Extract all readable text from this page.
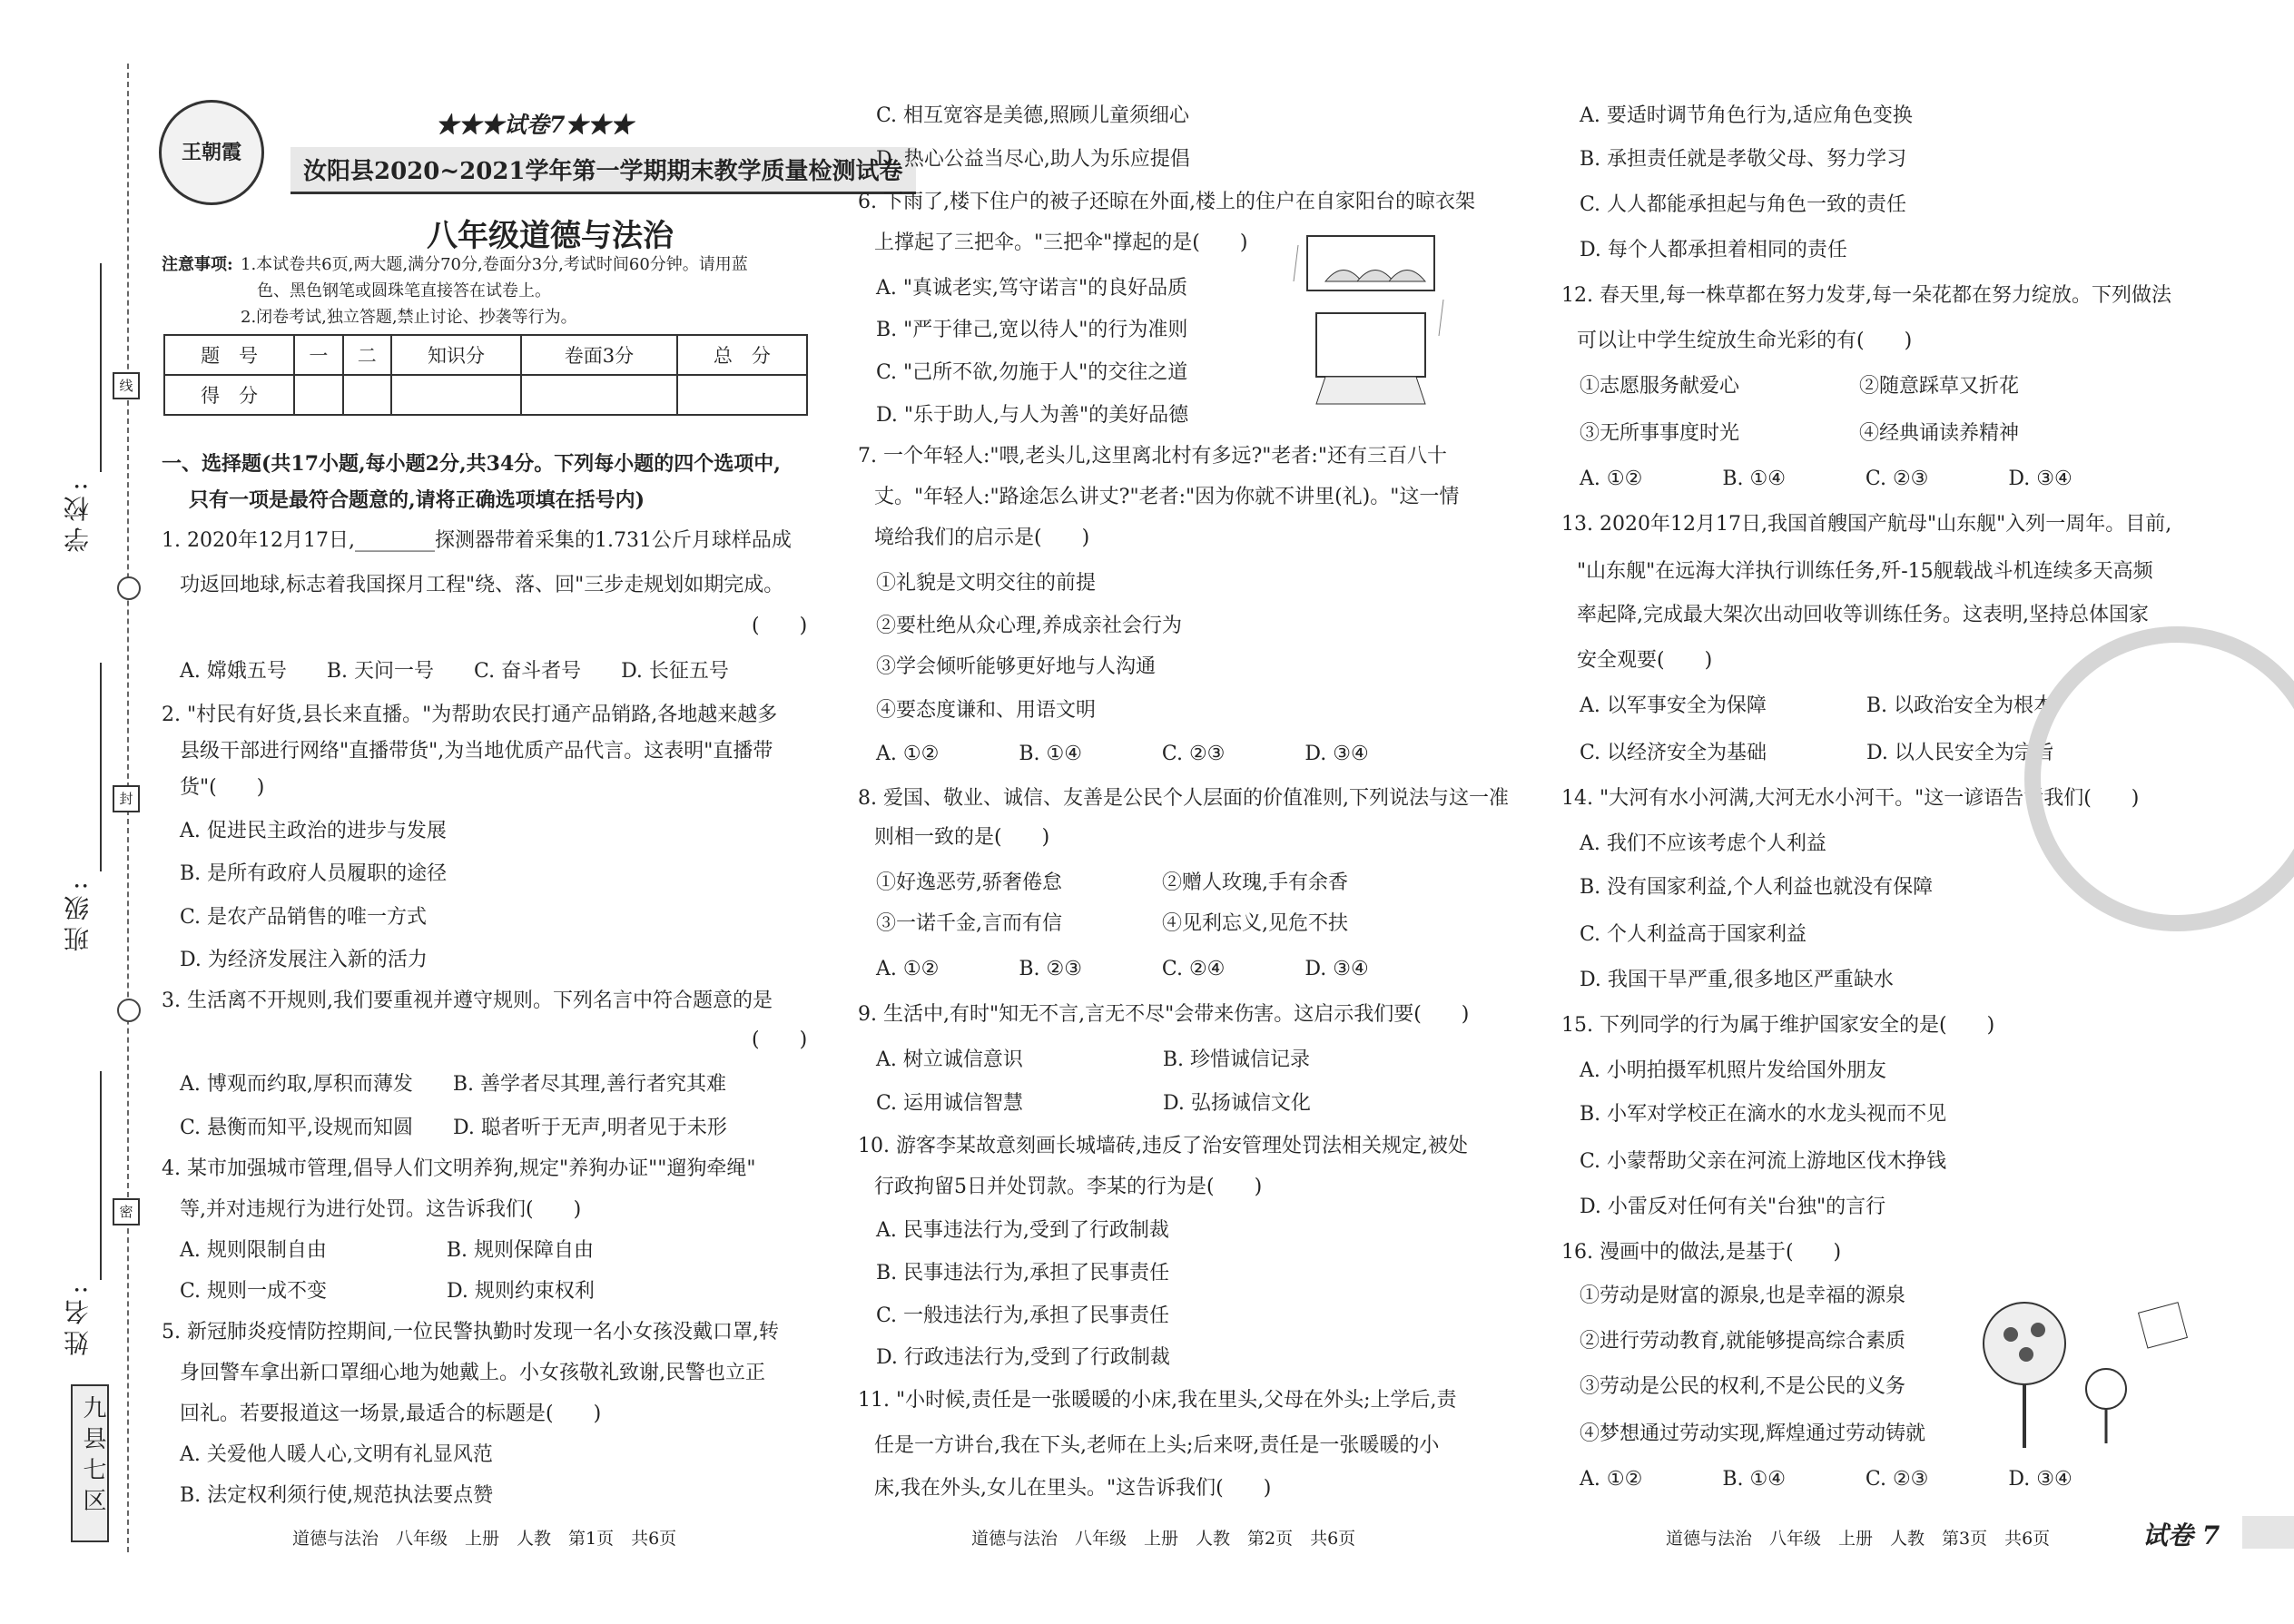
学校:
线
班级:
封
姓名:
密
九县七区
王朝霞
★★★试卷7★★★
汝阳县2020~2021学年第一学期期末教学质量检测试卷
八年级道德与法治
注意事项: 1.本试卷共6页,两大题,满分70分,卷面分3分,考试时间60分钟。请用蓝
色、黑色钢笔或圆珠笔直接答在试卷上。
2.闭卷考试,独立答题,禁止讨论、抄袭等行为。
题　号	一	二	知识分	卷面3分	总　分
得　分					
一、选择题(共17小题,每小题2分,共34分。下列每小题的四个选项中,
只有一项是最符合题意的,请将正确选项填在括号内)
1. 2020年12月17日,________探测器带着采集的1.731公斤月球样品成
功返回地球,标志着我国探月工程"绕、落、回"三步走规划如期完成。
(　　)
A. 嫦娥五号　　B. 天问一号　　C. 奋斗者号　　D. 长征五号
2. "村民有好货,县长来直播。"为帮助农民打通产品销路,各地越来越多
县级干部进行网络"直播带货",为当地优质产品代言。这表明"直播带
货"(　　)
A. 促进民主政治的进步与发展
B. 是所有政府人员履职的途径
C. 是农产品销售的唯一方式
D. 为经济发展注入新的活力
3. 生活离不开规则,我们要重视并遵守规则。下列名言中符合题意的是
(　　)
A. 博观而约取,厚积而薄发　　B. 善学者尽其理,善行者究其难
C. 悬衡而知平,设规而知圆　　D. 聪者听于无声,明者见于未形
4. 某市加强城市管理,倡导人们文明养狗,规定"养狗办证""遛狗牵绳"
等,并对违规行为进行处罚。这告诉我们(　　)
A. 规则限制自由　　　　　　B. 规则保障自由
C. 规则一成不变　　　　　　D. 规则约束权利
5. 新冠肺炎疫情防控期间,一位民警执勤时发现一名小女孩没戴口罩,转
身回警车拿出新口罩细心地为她戴上。小女孩敬礼致谢,民警也立正
回礼。若要报道这一场景,最适合的标题是(　　)
A. 关爱他人暖人心,文明有礼显风范
B. 法定权利须行使,规范执法要点赞
C. 相互宽容是美德,照顾儿童须细心
D. 热心公益当尽心,助人为乐应提倡
6. 下雨了,楼下住户的被子还晾在外面,楼上的住户在自家阳台的晾衣架
上撑起了三把伞。"三把伞"撑起的是(　　)
A. "真诚老实,笃守诺言"的良好品质
B. "严于律己,宽以待人"的行为准则
C. "己所不欲,勿施于人"的交往之道
D. "乐于助人,与人为善"的美好品德
7. 一个年轻人:"喂,老头儿,这里离北村有多远?"老者:"还有三百八十
丈。"年轻人:"路途怎么讲丈?"老者:"因为你就不讲里(礼)。"这一情
境给我们的启示是(　　)
①礼貌是文明交往的前提
②要杜绝从众心理,养成亲社会行为
③学会倾听能够更好地与人沟通
④要态度谦和、用语文明
A. ①②　　　　B. ①④　　　　C. ②③　　　　D. ③④
8. 爱国、敬业、诚信、友善是公民个人层面的价值准则,下列说法与这一准
则相一致的是(　　)
①好逸恶劳,骄奢倦怠　　　　　②赠人玫瑰,手有余香
③一诺千金,言而有信　　　　　④见利忘义,见危不扶
A. ①②　　　　B. ②③　　　　C. ②④　　　　D. ③④
9. 生活中,有时"知无不言,言无不尽"会带来伤害。这启示我们要(　　)
A. 树立诚信意识　　　　　　　B. 珍惜诚信记录
C. 运用诚信智慧　　　　　　　D. 弘扬诚信文化
10. 游客李某故意刻画长城墙砖,违反了治安管理处罚法相关规定,被处
行政拘留5日并处罚款。李某的行为是(　　)
A. 民事违法行为,受到了行政制裁
B. 民事违法行为,承担了民事责任
C. 一般违法行为,承担了民事责任
D. 行政违法行为,受到了行政制裁
11. "小时候,责任是一张暖暖的小床,我在里头,父母在外头;上学后,责
任是一方讲台,我在下头,老师在上头;后来呀,责任是一张暖暖的小
床,我在外头,女儿在里头。"这告诉我们(　　)
A. 要适时调节角色行为,适应角色变换
B. 承担责任就是孝敬父母、努力学习
C. 人人都能承担起与角色一致的责任
D. 每个人都承担着相同的责任
12. 春天里,每一株草都在努力发芽,每一朵花都在努力绽放。下列做法
可以让中学生绽放生命光彩的有(　　)
①志愿服务献爱心　　　　　　②随意踩草又折花
③无所事事度时光　　　　　　④经典诵读养精神
A. ①②　　　　B. ①④　　　　C. ②③　　　　D. ③④
13. 2020年12月17日,我国首艘国产航母"山东舰"入列一周年。目前,
"山东舰"在远海大洋执行训练任务,歼-15舰载战斗机连续多天高频
率起降,完成最大架次出动回收等训练任务。这表明,坚持总体国家
安全观要(　　)
A. 以军事安全为保障　　　　　B. 以政治安全为根本
C. 以经济安全为基础　　　　　D. 以人民安全为宗旨
14. "大河有水小河满,大河无水小河干。"这一谚语告诉我们(　　)
A. 我们不应该考虑个人利益
B. 没有国家利益,个人利益也就没有保障
C. 个人利益高于国家利益
D. 我国干旱严重,很多地区严重缺水
15. 下列同学的行为属于维护国家安全的是(　　)
A. 小明拍摄军机照片发给国外朋友
B. 小军对学校正在滴水的水龙头视而不见
C. 小蒙帮助父亲在河流上游地区伐木挣钱
D. 小雷反对任何有关"台独"的言行
16. 漫画中的做法,是基于(　　)
①劳动是财富的源泉,也是幸福的源泉
②进行劳动教育,就能够提高综合素质
③劳动是公民的权利,不是公民的义务
④梦想通过劳动实现,辉煌通过劳动铸就
A. ①②　　　　B. ①④　　　　C. ②③　　　　D. ③④
道德与法治　八年级　上册　人教　第1页　共6页	道德与法治　八年级　上册　人教　第2页　共6页	道德与法治　八年级　上册　人教　第3页　共6页	试卷 7
